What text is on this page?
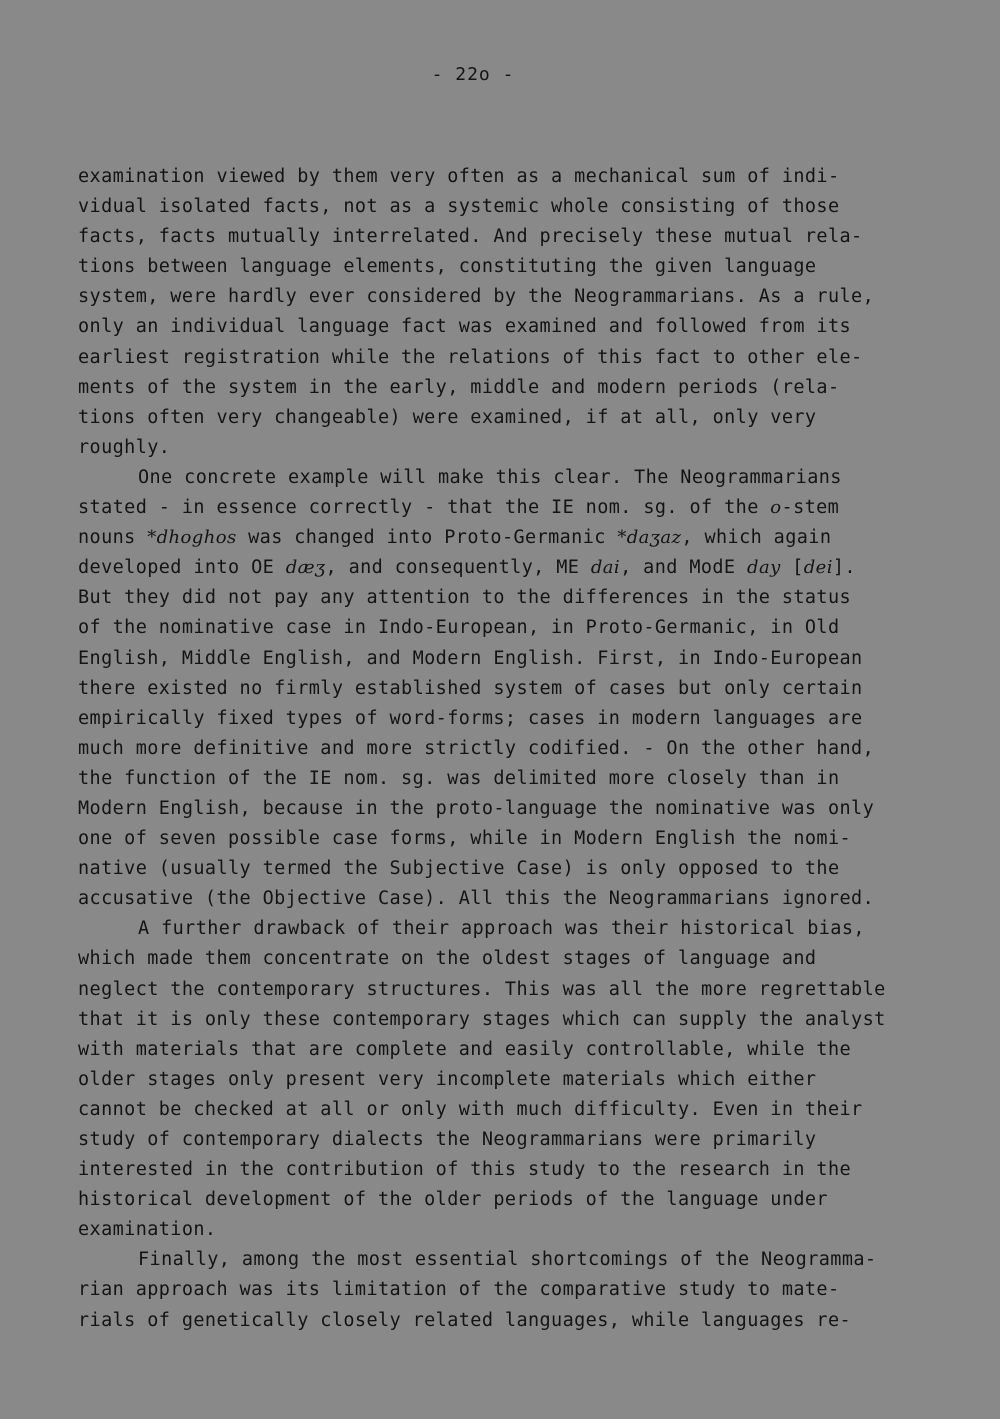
- 22o -
examination viewed by them very often as a mechanical sum of indi-
vidual isolated facts, not as a systemic whole consisting of those
facts, facts mutually interrelated. And precisely these mutual rela-
tions between language elements, constituting the given language
system, were hardly ever considered by the Neogrammarians. As a rule,
only an individual language fact was examined and followed from its
earliest registration while the relations of this fact to other ele-
ments of the system in the early, middle and modern periods (rela-
tions often very changeable) were examined, if at all, only very
roughly.
One concrete example will make this clear. The Neogrammarians
stated - in essence correctly - that the IE nom. sg. of the o-stem
nouns *dhoghos was changed into Proto-Germanic *daʒaz, which again
developed into OE dæʒ, and consequently, ME dai, and ModE day [dei].
But they did not pay any attention to the differences in the status
of the nominative case in Indo-European, in Proto-Germanic, in Old
English, Middle English, and Modern English. First, in Indo-European
there existed no firmly established system of cases but only certain
empirically fixed types of word-forms; cases in modern languages are
much more definitive and more strictly codified. - On the other hand,
the function of the IE nom. sg. was delimited more closely than in
Modern English, because in the proto-language the nominative was only
one of seven possible case forms, while in Modern English the nomi-
native (usually termed the Subjective Case) is only opposed to the
accusative (the Objective Case). All this the Neogrammarians ignored.
A further drawback of their approach was their historical bias,
which made them concentrate on the oldest stages of language and
neglect the contemporary structures. This was all the more regrettable
that it is only these contemporary stages which can supply the analyst
with materials that are complete and easily controllable, while the
older stages only present very incomplete materials which either
cannot be checked at all or only with much difficulty. Even in their
study of contemporary dialects the Neogrammarians were primarily
interested in the contribution of this study to the research in the
historical development of the older periods of the language under
examination.
Finally, among the most essential shortcomings of the Neogramma-
rian approach was its limitation of the comparative study to mate-
rials of genetically closely related languages, while languages re-
